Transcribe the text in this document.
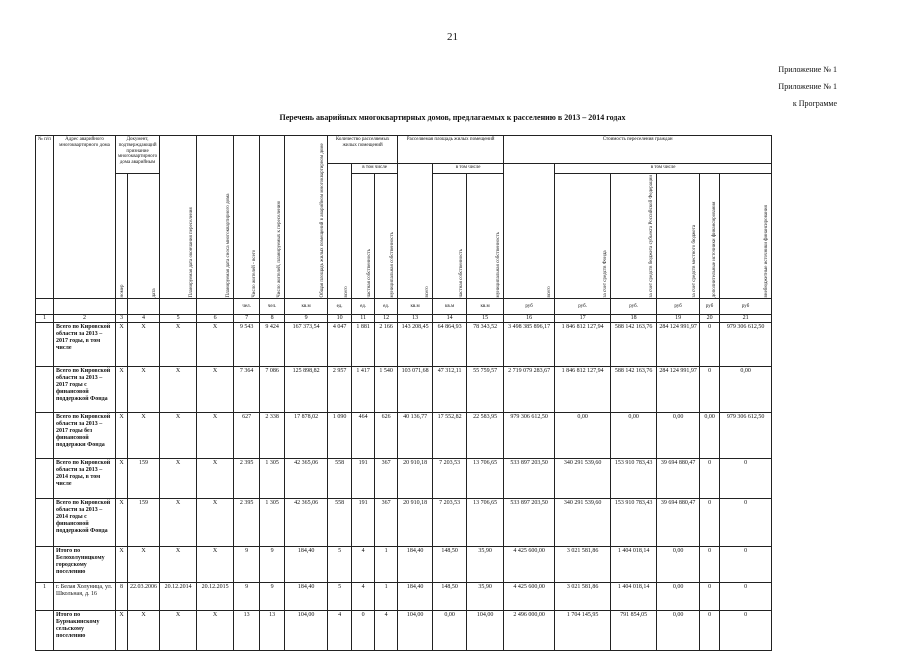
21
Приложение № 1
Приложение № 1
к Программе
Перечень аварийных многоквартирных домов, предлагаемых к расселению в 2013 – 2014 годах
№ п/п	Адрес аварийного многоквартирного дома	Документ, подтверждающий признание многоквартирного дома аварийным		Планируемая дата окончания переселения	Планируемая дата сноса многоквартирного дома	Число жителей - всего	Число жителей, планируемых к переселению	Общая площадь жилых помещений в аварийном многоквартирном доме	Количество расселяемых жилых помещений			Расселяемая площадь жилых помещений			Стоимость переселения граждан					
									всего	в том числе		всего	в том числе		всего	в том числе				
		номер	дата							частная собственность	муниципальная собственность		частная собственность	муниципальная собственность		за счет средств Фонда	за счет средств бюджета субъекта Российской Федерации	за счет средств местного бюджета	дополнительные источники финансирования	внебюджетные источники финансирования
						чел.	чел.	кв.м	ед.	ед.	ед.	кв.м	кв.м	кв.м	руб	руб.	руб.	руб	руб	руб
1	2	3	4	5	6	7	8	9	10	11	12	13	14	15	16	17	18	19	20	21
	Всего по Кировской области за 2013 – 2017 годы, в том числе	Х	Х	Х	Х	9 543	9 424	167 373,54	4 047	1 881	2 166	143 208,45	64 864,93	78 343,52	3 498 385 896,17	1 846 812 127,94	588 142 163,76	284 124 991,97	0	979 306 612,50
	Всего по Кировской области за 2013 – 2017 годы с финансовой поддержкой Фонда	Х	Х	Х	Х	7 364	7 086	125 898,82	2 957	1 417	1 540	103 071,68	47 312,11	55 759,57	2 719 079 283,67	1 846 812 127,94	588 142 163,76	284 124 991,97	0	0,00
	Всего по Кировской области за 2013 – 2017 годы без финансовой поддержки Фонда	Х	Х	Х	Х	627	2 338	17 878,02	1 090	464	626	40 136,77	17 552,82	22 583,95	979 306 612,50	0,00	0,00	0,00	0,00	979 306 612,50
	Всего по Кировской области за 2013 – 2014 годы, в том числе	Х	159	Х	Х	2 395	1 305	42 365,06	558	191	367	20 910,18	7 203,53	13 706,65	533 897 203,50	340 291 539,60	153 910 783,43	39 694 880,47	0	0
	Всего по Кировской области за 2013 – 2014 годы с финансовой поддержкой Фонда	Х	159	Х	Х	2 395	1 305	42 365,06	558	191	367	20 910,18	7 203,53	13 706,65	533 897 203,50	340 291 539,60	153 910 783,43	39 694 880,47	0	0
	Итого по Белохолуницкому городскому поселению	Х	Х	Х	Х	9	9	184,40	5	4	1	184,40	148,50	35,90	4 425 600,00	3 021 581,86	1 404 018,14	0,00	0	0
1	г. Белая Холуница, ул. Школьная, д. 16	8	22.03.2006	20.12.2014	20.12.2015	9	9	184,40	5	4	1	184,40	148,50	35,90	4 425 600,00	3 021 581,86	1 404 018,14	0,00	0	0
	Итого по Бурмакинскому сельскому поселению	Х	Х	Х	Х	13	13	104,00	4	0	4	104,00	0,00	104,00	2 496 000,00	1 704 145,95	791 854,05	0,00	0	0
